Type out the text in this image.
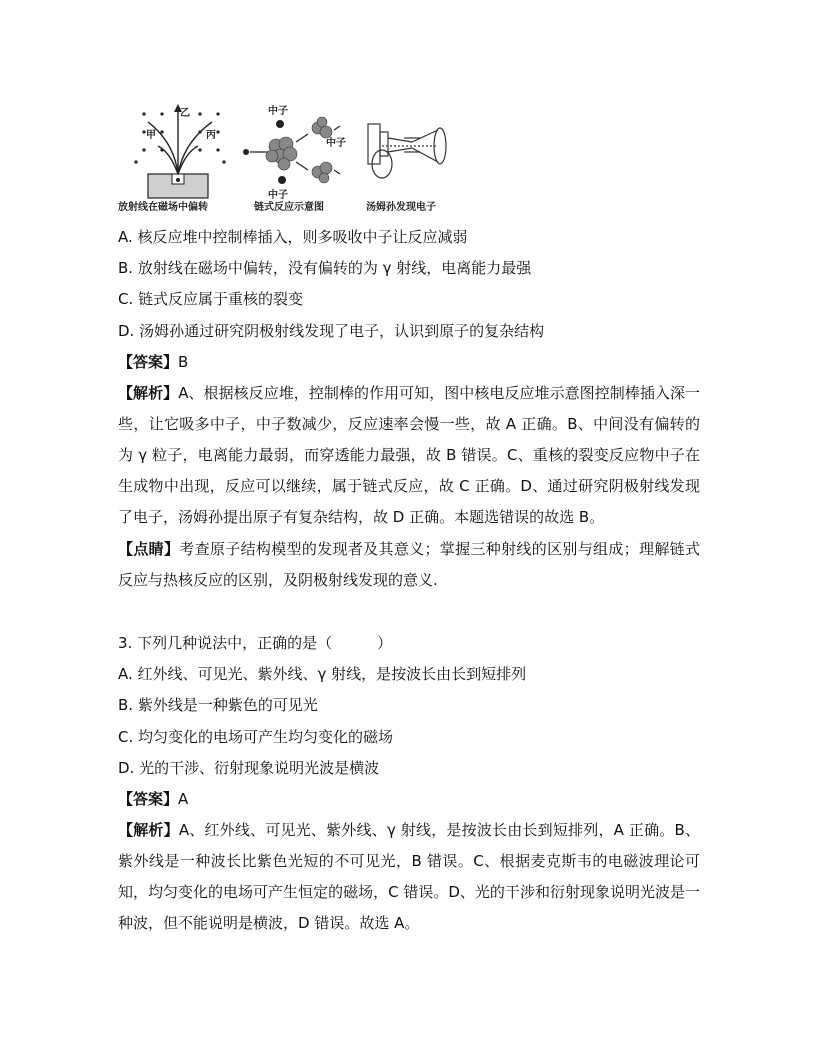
甲
乙
丙
放射线在磁场中偏转
中子
中子
中子
链式反应示意图	汤姆孙发现电子
A. 核反应堆中控制棒插入，则多吸收中子让反应减弱
B. 放射线在磁场中偏转，没有偏转的为 γ 射线，电离能力最强
C. 链式反应属于重核的裂变
D. 汤姆孙通过研究阴极射线发现了电子，认识到原子的复杂结构
【答案】B
【解析】A、根据核反应堆，控制棒的作用可知，图中核电反应堆示意图控制棒插入深一些，让它吸多中子，中子数减少，反应速率会慢一些，故 A 正确。B、中间没有偏转的为 γ 粒子，电离能力最弱，而穿透能力最强，故 B 错误。C、重核的裂变反应物中子在生成物中出现，反应可以继续，属于链式反应，故 C 正确。D、通过研究阴极射线发现了电子，汤姆孙提出原子有复杂结构，故 D 正确。本题选错误的故选 B。
【点睛】考查原子结构模型的发现者及其意义；掌握三种射线的区别与组成；理解链式反应与热核反应的区别，及阴极射线发现的意义.
3. 下列几种说法中，正确的是（　　　）
A. 红外线、可见光、紫外线、γ 射线，是按波长由长到短排列
B. 紫外线是一种紫色的可见光
C. 均匀变化的电场可产生均匀变化的磁场
D. 光的干涉、衍射现象说明光波是横波
【答案】A
【解析】A、红外线、可见光、紫外线、γ 射线，是按波长由长到短排列，A 正确。B、紫外线是一种波长比紫色光短的不可见光，B 错误。C、根据麦克斯韦的电磁波理论可知，均匀变化的电场可产生恒定的磁场，C 错误。D、光的干涉和衍射现象说明光波是一种波，但不能说明是横波，D 错误。故选 A。
